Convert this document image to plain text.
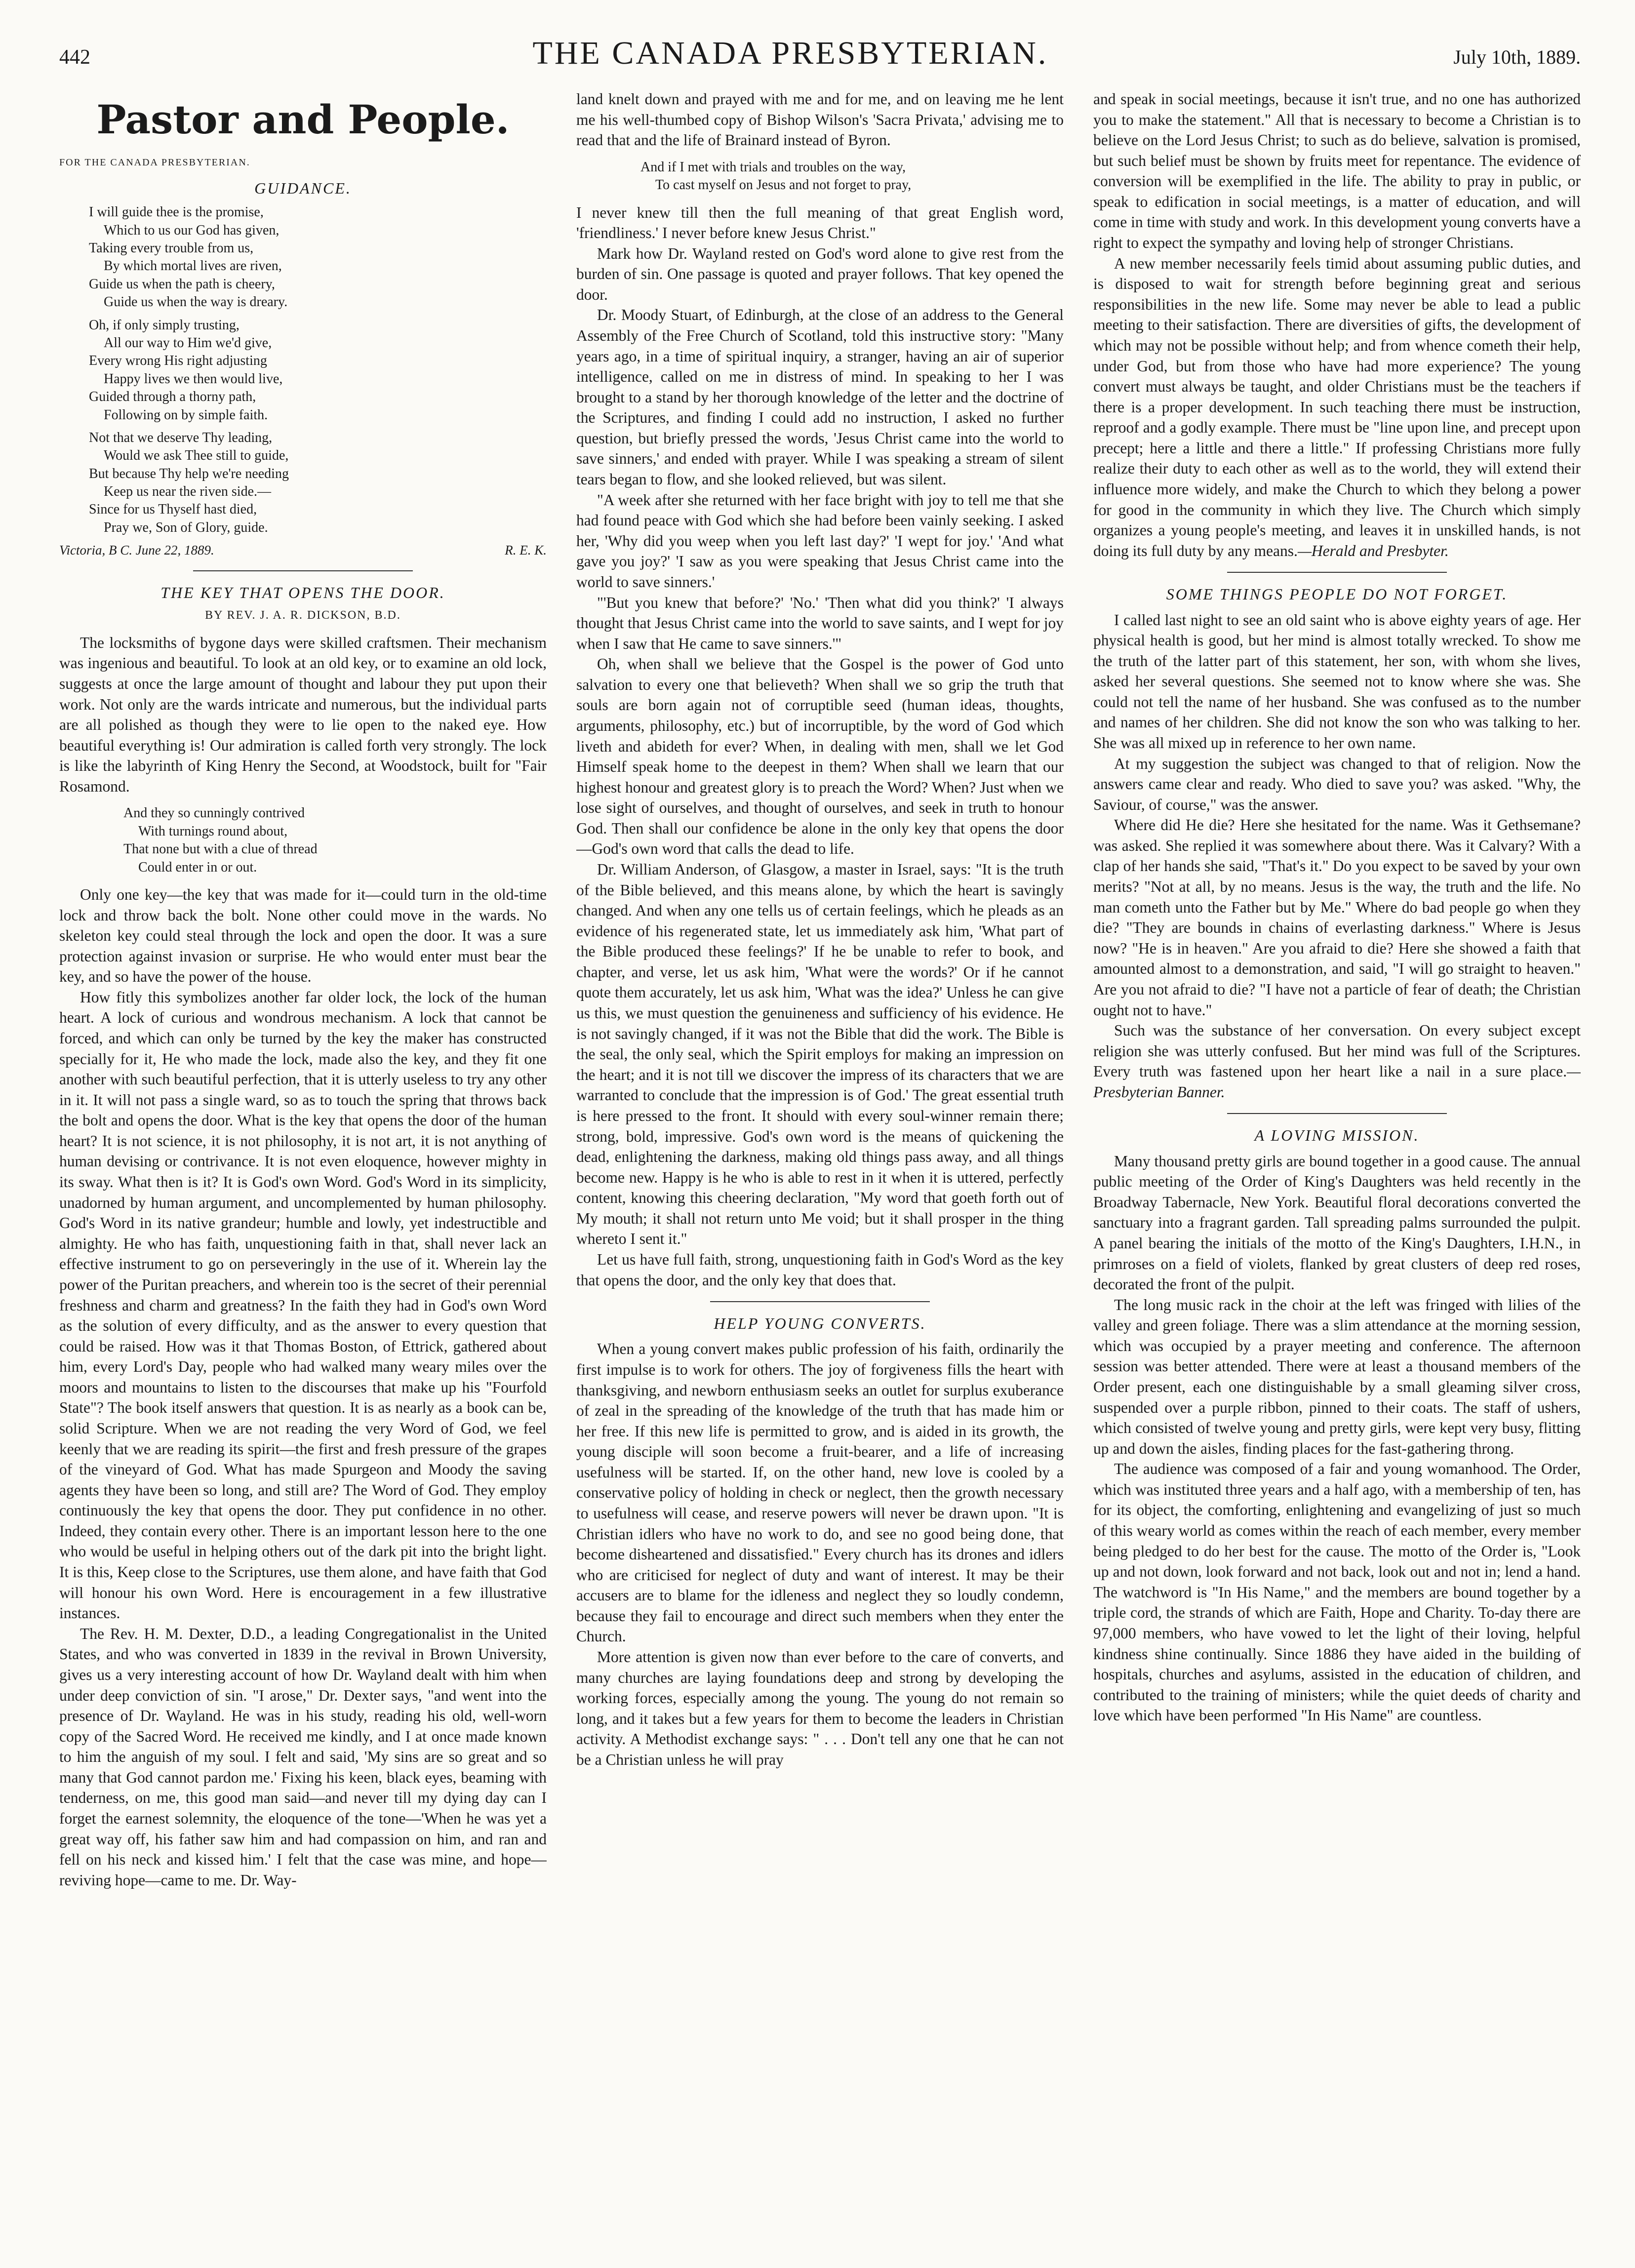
442	THE CANADA PRESBYTERIAN.	July 10th, 1889.
Pastor and People.
FOR THE CANADA PRESBYTERIAN.
GUIDANCE.
I will guide thee is the promise,
Which to us our God has given,
Taking every trouble from us,
By which mortal lives are riven,
Guide us when the path is cheery,
Guide us when the way is dreary.
Oh, if only simply trusting,
All our way to Him we'd give,
Every wrong His right adjusting
Happy lives we then would live,
Guided through a thorny path,
Following on by simple faith.
Not that we deserve Thy leading,
Would we ask Thee still to guide,
But because Thy help we're needing
Keep us near the riven side.—
Since for us Thyself hast died,
Pray we, Son of Glory, guide.
Victoria, B C. June 22, 1889.	R. E. K.
THE KEY THAT OPENS THE DOOR.
BY REV. J. A. R. DICKSON, B.D.

The locksmiths of bygone days were skilled craftsmen. Their mechanism was ingenious and beautiful. To look at an old key, or to examine an old lock, suggests at once the large amount of thought and labour they put upon their work. Not only are the wards intricate and numerous, but the individual parts are all polished as though they were to lie open to the naked eye. How beautiful everything is! Our admiration is called forth very strongly. The lock is like the labyrinth of King Henry the Second, at Woodstock, built for "Fair Rosamond.

And they so cunningly contrived
With turnings round about,
That none but with a clue of thread
Could enter in or out.

Only one key—the key that was made for it—could turn in the old-time lock and throw back the bolt. None other could move in the wards. No skeleton key could steal through the lock and open the door. It was a sure protection against invasion or surprise. He who would enter must bear the key, and so have the power of the house.

How fitly this symbolizes another far older lock, the lock of the human heart. A lock of curious and wondrous mechanism. A lock that cannot be forced, and which can only be turned by the key the maker has constructed specially for it, He who made the lock, made also the key, and they fit one another with such beautiful perfection, that it is utterly useless to try any other in it. It will not pass a single ward, so as to touch the spring that throws back the bolt and opens the door. What is the key that opens the door of the human heart? It is not science, it is not philosophy, it is not art, it is not anything of human devising or contrivance. It is not even eloquence, however mighty in its sway. What then is it? It is God's own Word. God's Word in its simplicity, unadorned by human argument, and uncomplemented by human philosophy. God's Word in its native grandeur; humble and lowly, yet indestructible and almighty. He who has faith, unquestioning faith in that, shall never lack an effective instrument to go on perseveringly in the use of it. Wherein lay the power of the Puritan preachers, and wherein too is the secret of their perennial freshness and charm and greatness? In the faith they had in God's own Word as the solution of every difficulty, and as the answer to every question that could be raised. How was it that Thomas Boston, of Ettrick, gathered about him, every Lord's Day, people who had walked many weary miles over the moors and mountains to listen to the discourses that make up his "Fourfold State"? The book itself answers that question. It is as nearly as a book can be, solid Scripture. When we are not reading the very Word of God, we feel keenly that we are reading its spirit—the first and fresh pressure of the grapes of the vineyard of God. What has made Spurgeon and Moody the saving agents they have been so long, and still are? The Word of God. They employ continuously the key that opens the door. They put confidence in no other. Indeed, they contain every other. There is an important lesson here to the one who would be useful in helping others out of the dark pit into the bright light. It is this, Keep close to the Scriptures, use them alone, and have faith that God will honour his own Word. Here is encouragement in a few illustrative instances.

The Rev. H. M. Dexter, D.D., a leading Congregationalist in the United States, and who was converted in 1839 in the revival in Brown University, gives us a very interesting account of how Dr. Wayland dealt with him when under deep conviction of sin. "I arose," Dr. Dexter says, "and went into the presence of Dr. Wayland. He was in his study, reading his old, well-worn copy of the Sacred Word. He received me kindly, and I at once made known to him the anguish of my soul. I felt and said, 'My sins are so great and so many that God cannot pardon me.' Fixing his keen, black eyes, beaming with tenderness, on me, this good man said—and never till my dying day can I forget the earnest solemnity, the eloquence of the tone—'When he was yet a great way off, his father saw him and had compassion on him, and ran and fell on his neck and kissed him.' I felt that the case was mine, and hope—reviving hope—came to me. Dr. Way-

land knelt down and prayed with me and for me, and on leaving me he lent me his well-thumbed copy of Bishop Wilson's 'Sacra Privata,' advising me to read that and the life of Brainard instead of Byron.

And if I met with trials and troubles on the way,
To cast myself on Jesus and not forget to pray,

I never knew till then the full meaning of that great English word, 'friendliness.' I never before knew Jesus Christ."

Mark how Dr. Wayland rested on God's word alone to give rest from the burden of sin. One passage is quoted and prayer follows. That key opened the door.

Dr. Moody Stuart, of Edinburgh, at the close of an address to the General Assembly of the Free Church of Scotland, told this instructive story: "Many years ago, in a time of spiritual inquiry, a stranger, having an air of superior intelligence, called on me in distress of mind. In speaking to her I was brought to a stand by her thorough knowledge of the letter and the doctrine of the Scriptures, and finding I could add no instruction, I asked no further question, but briefly pressed the words, 'Jesus Christ came into the world to save sinners,' and ended with prayer. While I was speaking a stream of silent tears began to flow, and she looked relieved, but was silent.

"A week after she returned with her face bright with joy to tell me that she had found peace with God which she had before been vainly seeking. I asked her, 'Why did you weep when you left last day?' 'I wept for joy.' 'And what gave you joy?' 'I saw as you were speaking that Jesus Christ came into the world to save sinners.'

"'But you knew that before?' 'No.' 'Then what did you think?' 'I always thought that Jesus Christ came into the world to save saints, and I wept for joy when I saw that He came to save sinners.'"

Oh, when shall we believe that the Gospel is the power of God unto salvation to every one that believeth? When shall we so grip the truth that souls are born again not of corruptible seed (human ideas, thoughts, arguments, philosophy, etc.) but of incorruptible, by the word of God which liveth and abideth for ever? When, in dealing with men, shall we let God Himself speak home to the deepest in them? When shall we learn that our highest honour and greatest glory is to preach the Word? When? Just when we lose sight of ourselves, and thought of ourselves, and seek in truth to honour God. Then shall our confidence be alone in the only key that opens the door—God's own word that calls the dead to life.

Dr. William Anderson, of Glasgow, a master in Israel, says: "It is the truth of the Bible believed, and this means alone, by which the heart is savingly changed. And when any one tells us of certain feelings, which he pleads as an evidence of his regenerated state, let us immediately ask him, 'What part of the Bible produced these feelings?' If he be unable to refer to book, and chapter, and verse, let us ask him, 'What were the words?' Or if he cannot quote them accurately, let us ask him, 'What was the idea?' Unless he can give us this, we must question the genuineness and sufficiency of his evidence. He is not savingly changed, if it was not the Bible that did the work. The Bible is the seal, the only seal, which the Spirit employs for making an impression on the heart; and it is not till we discover the impress of its characters that we are warranted to conclude that the impression is of God.' The great essential truth is here pressed to the front. It should with every soul-winner remain there; strong, bold, impressive. God's own word is the means of quickening the dead, enlightening the darkness, making old things pass away, and all things become new. Happy is he who is able to rest in it when it is uttered, perfectly content, knowing this cheering declaration, "My word that goeth forth out of My mouth; it shall not return unto Me void; but it shall prosper in the thing whereto I sent it."

Let us have full faith, strong, unquestioning faith in God's Word as the key that opens the door, and the only key that does that.

HELP YOUNG CONVERTS.

When a young convert makes public profession of his faith, ordinarily the first impulse is to work for others. The joy of forgiveness fills the heart with thanksgiving, and newborn enthusiasm seeks an outlet for surplus exuberance of zeal in the spreading of the knowledge of the truth that has made him or her free. If this new life is permitted to grow, and is aided in its growth, the young disciple will soon become a fruit-bearer, and a life of increasing usefulness will be started. If, on the other hand, new love is cooled by a conservative policy of holding in check or neglect, then the growth necessary to usefulness will cease, and reserve powers will never be drawn upon. "It is Christian idlers who have no work to do, and see no good being done, that become disheartened and dissatisfied." Every church has its drones and idlers who are criticised for neglect of duty and want of interest. It may be their accusers are to blame for the idleness and neglect they so loudly condemn, because they fail to encourage and direct such members when they enter the Church.

More attention is given now than ever before to the care of converts, and many churches are laying foundations deep and strong by developing the working forces, especially among the young. The young do not remain so long, and it takes but a few years for them to become the leaders in Christian activity. A Methodist exchange says: " . . . Don't tell any one that he can not be a Christian unless he will pray

and speak in social meetings, because it isn't true, and no one has authorized you to make the statement." All that is necessary to become a Christian is to believe on the Lord Jesus Christ; to such as do believe, salvation is promised, but such belief must be shown by fruits meet for repentance. The evidence of conversion will be exemplified in the life. The ability to pray in public, or speak to edification in social meetings, is a matter of education, and will come in time with study and work. In this development young converts have a right to expect the sympathy and loving help of stronger Christians.

A new member necessarily feels timid about assuming public duties, and is disposed to wait for strength before beginning great and serious responsibilities in the new life. Some may never be able to lead a public meeting to their satisfaction. There are diversities of gifts, the development of which may not be possible without help; and from whence cometh their help, under God, but from those who have had more experience? The young convert must always be taught, and older Christians must be the teachers if there is a proper development. In such teaching there must be instruction, reproof and a godly example. There must be "line upon line, and precept upon precept; here a little and there a little." If professing Christians more fully realize their duty to each other as well as to the world, they will extend their influence more widely, and make the Church to which they belong a power for good in the community in which they live. The Church which simply organizes a young people's meeting, and leaves it in unskilled hands, is not doing its full duty by any means.—Herald and Presbyter.

SOME THINGS PEOPLE DO NOT FORGET.

I called last night to see an old saint who is above eighty years of age. Her physical health is good, but her mind is almost totally wrecked. To show me the truth of the latter part of this statement, her son, with whom she lives, asked her several questions. She seemed not to know where she was. She could not tell the name of her husband. She was confused as to the number and names of her children. She did not know the son who was talking to her. She was all mixed up in reference to her own name.

At my suggestion the subject was changed to that of religion. Now the answers came clear and ready. Who died to save you? was asked. "Why, the Saviour, of course," was the answer.

Where did He die? Here she hesitated for the name. Was it Gethsemane? was asked. She replied it was somewhere about there. Was it Calvary? With a clap of her hands she said, "That's it." Do you expect to be saved by your own merits? "Not at all, by no means. Jesus is the way, the truth and the life. No man cometh unto the Father but by Me." Where do bad people go when they die? "They are bounds in chains of everlasting darkness." Where is Jesus now? "He is in heaven." Are you afraid to die? Here she showed a faith that amounted almost to a demonstration, and said, "I will go straight to heaven." Are you not afraid to die? "I have not a particle of fear of death; the Christian ought not to have."

Such was the substance of her conversation. On every subject except religion she was utterly confused. But her mind was full of the Scriptures. Every truth was fastened upon her heart like a nail in a sure place.—Presbyterian Banner.

A LOVING MISSION.

Many thousand pretty girls are bound together in a good cause. The annual public meeting of the Order of King's Daughters was held recently in the Broadway Tabernacle, New York. Beautiful floral decorations converted the sanctuary into a fragrant garden. Tall spreading palms surrounded the pulpit. A panel bearing the initials of the motto of the King's Daughters, I.H.N., in primroses on a field of violets, flanked by great clusters of deep red roses, decorated the front of the pulpit.

The long music rack in the choir at the left was fringed with lilies of the valley and green foliage. There was a slim attendance at the morning session, which was occupied by a prayer meeting and conference. The afternoon session was better attended. There were at least a thousand members of the Order present, each one distinguishable by a small gleaming silver cross, suspended over a purple ribbon, pinned to their coats. The staff of ushers, which consisted of twelve young and pretty girls, were kept very busy, flitting up and down the aisles, finding places for the fast-gathering throng.

The audience was composed of a fair and young womanhood. The Order, which was instituted three years and a half ago, with a membership of ten, has for its object, the comforting, enlightening and evangelizing of just so much of this weary world as comes within the reach of each member, every member being pledged to do her best for the cause. The motto of the Order is, "Look up and not down, look forward and not back, look out and not in; lend a hand. The watchword is "In His Name," and the members are bound together by a triple cord, the strands of which are Faith, Hope and Charity. To-day there are 97,000 members, who have vowed to let the light of their loving, helpful kindness shine continually. Since 1886 they have aided in the building of hospitals, churches and asylums, assisted in the education of children, and contributed to the training of ministers; while the quiet deeds of charity and love which have been performed "In His Name" are countless.
